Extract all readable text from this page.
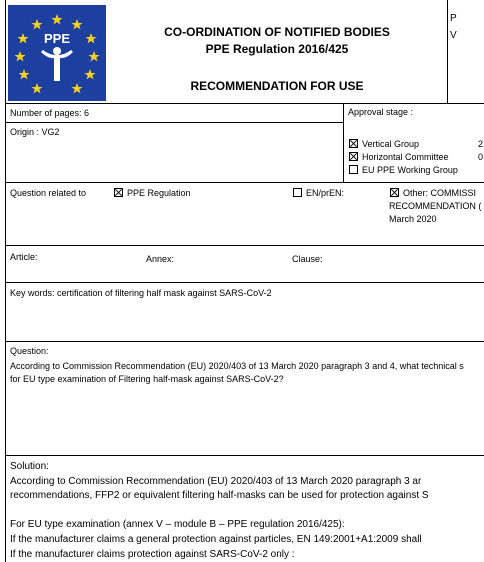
PPE	CO-ORDINATION OF NOTIFIED BODIES
PPE Regulation 2016/425
RECOMMENDATION FOR USE
P
V
Number of pages: 6
Origin : VG2
Approval stage :
Vertical Group	2
Horizontal Committee	0
EU PPE Working Group
Question related to	PPE Regulation	EN/prEN:	Other: COMMISSI
RECOMMENDATION (
March 2020
Article:	Annex:	Clause:
Key words: certification of filtering half mask against SARS-CoV-2
Question:
According to Commission Recommendation (EU) 2020/403 of 13 March 2020 paragraph 3 and 4, what technical s
for EU type examination of Filtering half-mask against SARS-CoV-2?
Solution:
According to Commission Recommendation (EU) 2020/403 of 13 March 2020 paragraph 3 ar
recommendations, FFP2 or equivalent filtering half-masks can be used for protection against S
For EU type examination (annex V – module B – PPE regulation 2016/425):
If the manufacturer claims a general protection against particles, EN 149:2001+A1:2009 shall
If the manufacturer claims protection against SARS-CoV-2 only :
